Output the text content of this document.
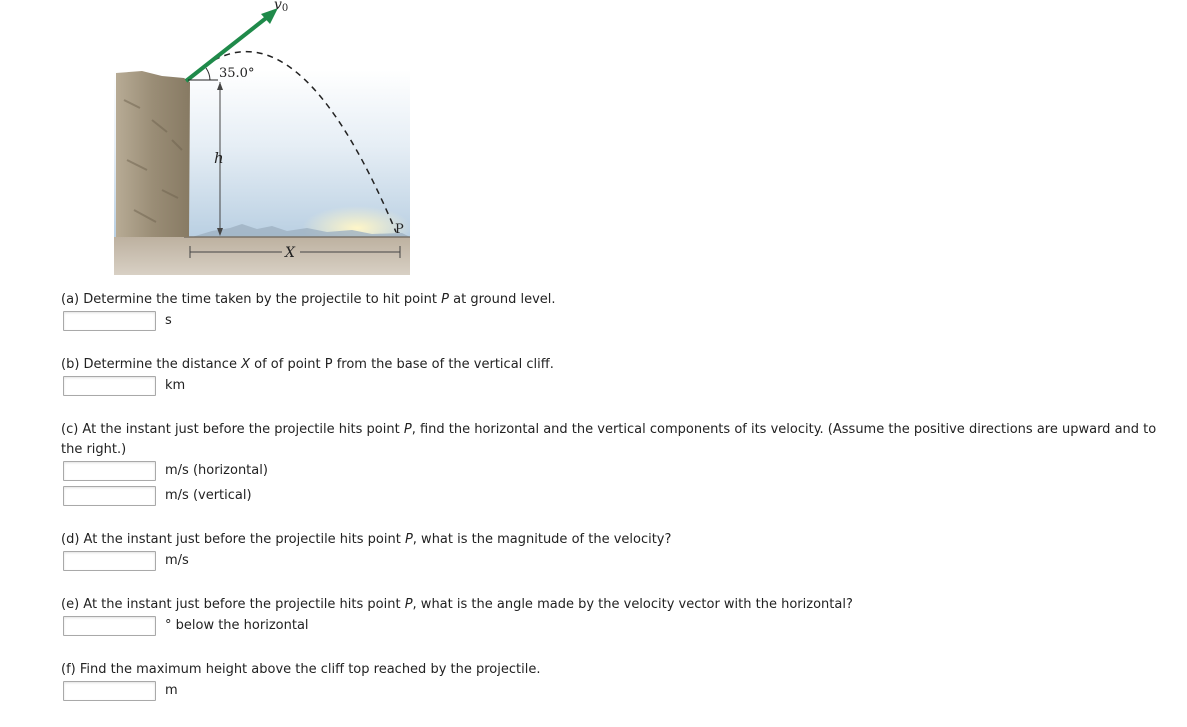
35.0°
h
X
P
v0
(a) Determine the time taken by the projectile to hit point P at ground level.
s
(b) Determine the distance X of of point P from the base of the vertical cliff.
km
(c) At the instant just before the projectile hits point P, find the horizontal and the vertical components of its velocity. (Assume the positive directions are upward and to the right.)
m/s (horizontal)
m/s (vertical)
(d) At the instant just before the projectile hits point P, what is the magnitude of the velocity?
m/s
(e) At the instant just before the projectile hits point P, what is the angle made by the velocity vector with the horizontal?
° below the horizontal
(f) Find the maximum height above the cliff top reached by the projectile.
m
